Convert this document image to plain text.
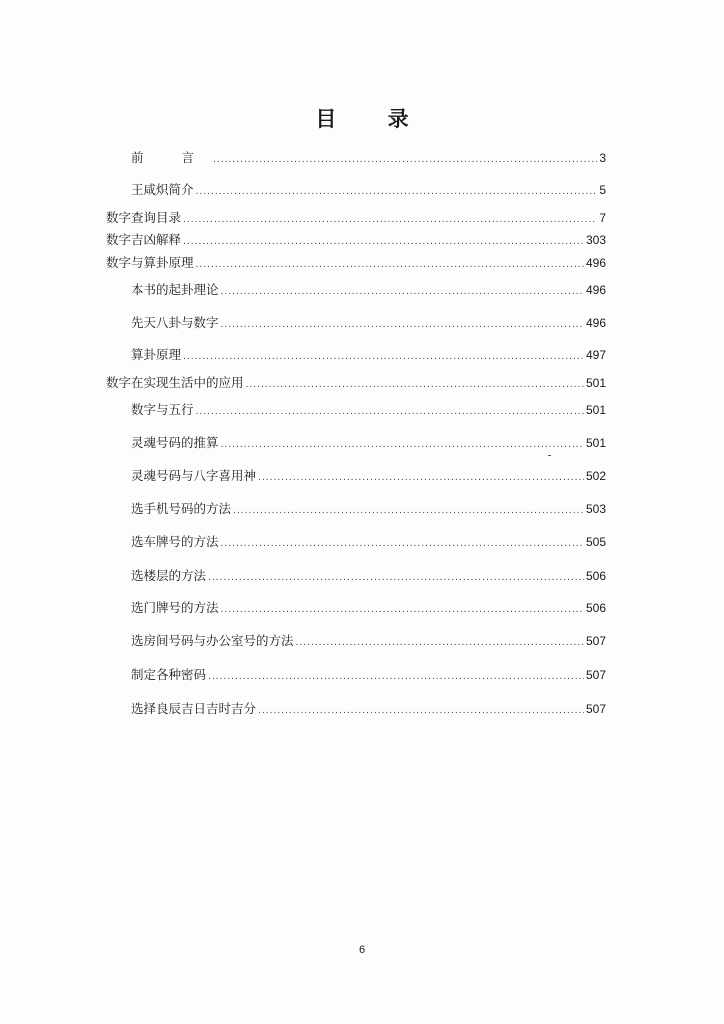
目 录
前 言 .....	3
王咸炽简介 .....	5
数字查询目录 .....	7
数字吉凶解释 .....	303
数字与算卦原理 .....	496
本书的起卦理论 .....	496
先天八卦与数字 .....	496
算卦原理 .....	497
数字在实现生活中的应用 .....	501
数字与五行 .....	501
灵魂号码的推算 .....	501
灵魂号码与八字喜用神 .....	502
选手机号码的方法 .....	503
选车牌号的方法 .....	505
选楼层的方法 .....	506
选门牌号的方法 .....	506
选房间号码与办公室号的方法 .....	507
制定各种密码 .....	507
选择良辰吉日吉时吉分 .....	507
6
